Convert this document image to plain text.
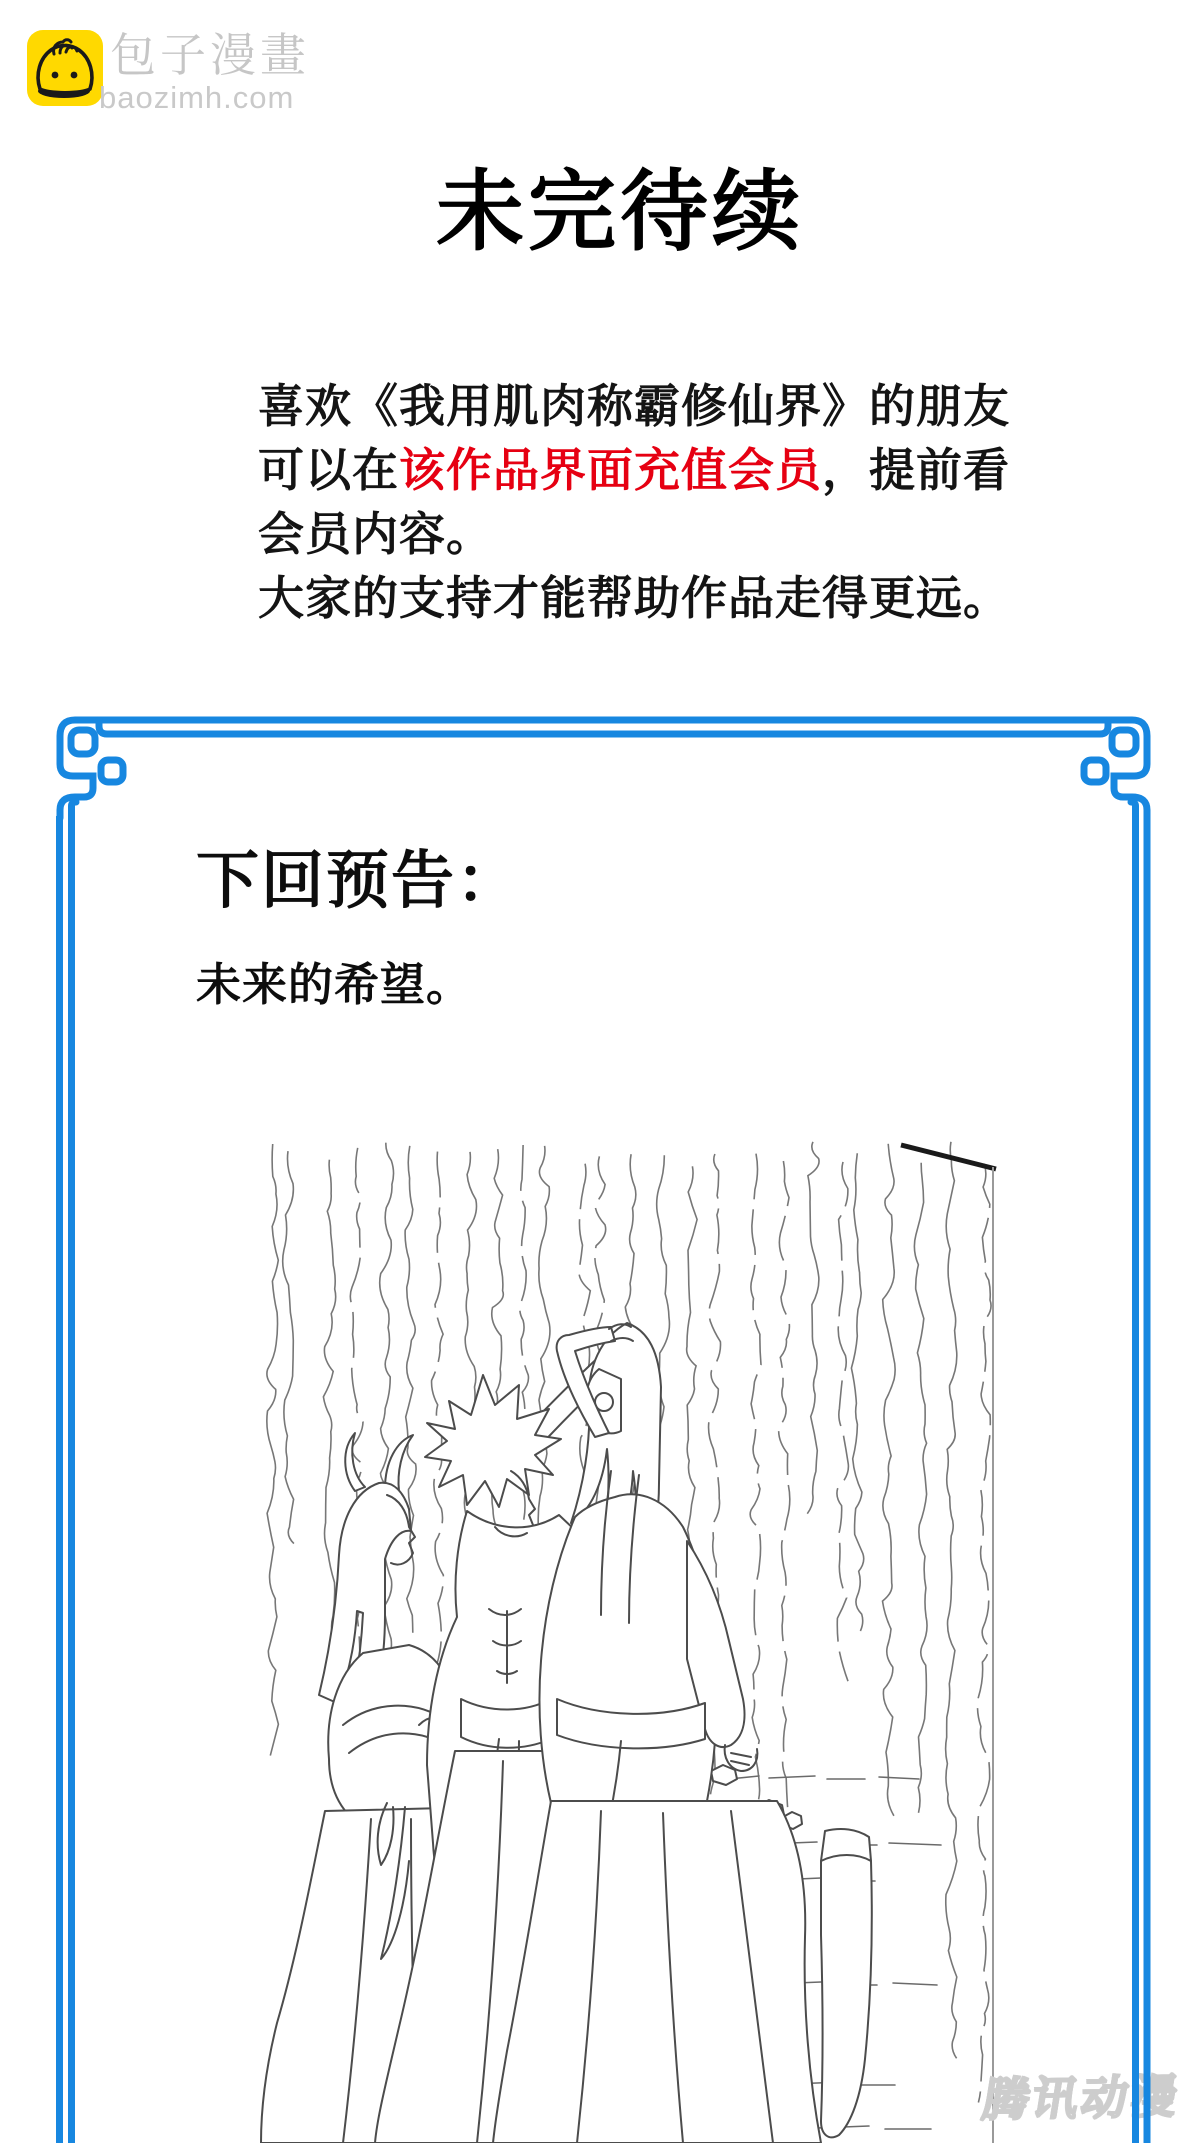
包子漫畫
baozimh.com
未完待续
喜欢《我用肌肉称霸修仙界》的朋友
可以在该作品界面充值会员，提前看
会员内容。
大家的支持才能帮助作品走得更远。
下回预告：
未来的希望。
腾讯动漫
